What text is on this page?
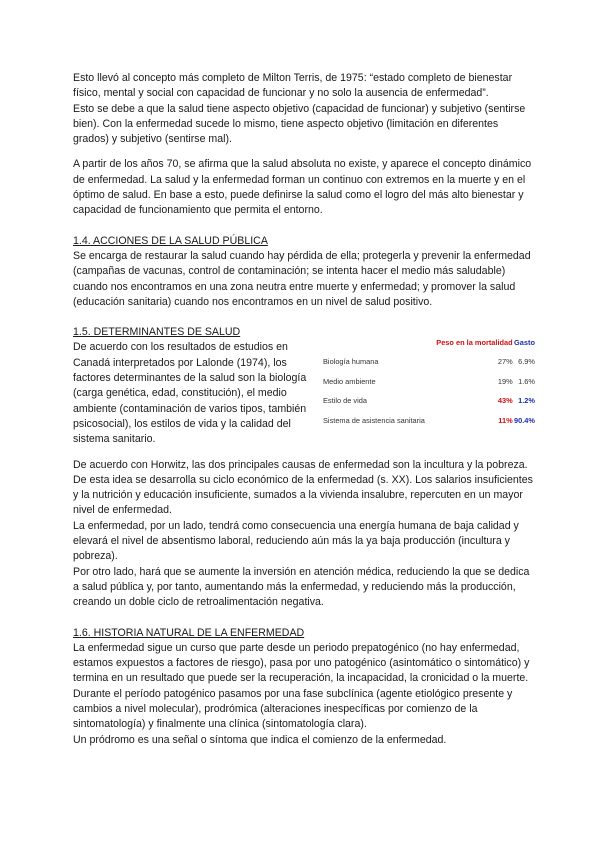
Esto llevó al concepto más completo de Milton Terris, de 1975: “estado completo de bienestar físico, mental y social con capacidad de funcionar y no solo la ausencia de enfermedad”.

Esto se debe a que la salud tiene aspecto objetivo (capacidad de funcionar) y subjetivo (sentirse bien). Con la enfermedad sucede lo mismo, tiene aspecto objetivo (limitación en diferentes grados) y subjetivo (sentirse mal).

A partir de los años 70, se afirma que la salud absoluta no existe, y aparece el concepto dinámico de enfermedad. La salud y la enfermedad forman un continuo con extremos en la muerte y en el óptimo de salud. En base a esto, puede definirse la salud como el logro del más alto bienestar y capacidad de funcionamiento que permita el entorno.

1.4. ACCIONES DE LA SALUD PÚBLICA

Se encarga de restaurar la salud cuando hay pérdida de ella; protegerla y prevenir la enfermedad (campañas de vacunas, control de contaminación; se intenta hacer el medio más saludable) cuando nos encontramos en una zona neutra entre muerte y enfermedad; y promover la salud (educación sanitaria) cuando nos encontramos en un nivel de salud positivo.

1.5. DETERMINANTES DE SALUD

De acuerdo con los resultados de estudios en Canadá interpretados por Lalonde (1974), los factores determinantes de la salud son la biología (carga genética, edad, constitución), el medio ambiente (contaminación de varios tipos, también psicosocial), los estilos de vida y la calidad del sistema sanitario.

	Peso en la mortalidad	Gasto
Biología humana	27%	6.9%
Medio ambiente	19%	1.6%
Estilo de vida	43%	1.2%
Sistema de asistencia sanitaria	11%	90.4%

De acuerdo con Horwitz, las dos principales causas de enfermedad son la incultura y la pobreza. De esta idea se desarrolla su ciclo económico de la enfermedad (s. XX). Los salarios insuficientes y la nutrición y educación insuficiente, sumados a la vivienda insalubre, repercuten en un mayor nivel de enfermedad.

La enfermedad, por un lado, tendrá como consecuencia una energía humana de baja calidad y elevará el nivel de absentismo laboral, reduciendo aún más la ya baja producción (incultura y pobreza).

Por otro lado, hará que se aumente la inversión en atención médica, reduciendo la que se dedica a salud pública y, por tanto, aumentando más la enfermedad, y reduciendo más la producción, creando un doble ciclo de retroalimentación negativa.

1.6. HISTORIA NATURAL DE LA ENFERMEDAD

La enfermedad sigue un curso que parte desde un periodo prepatogénico (no hay enfermedad, estamos expuestos a factores de riesgo), pasa por uno patogénico (asintomático o sintomático) y termina en un resultado que puede ser la recuperación, la incapacidad, la cronicidad o la muerte.

Durante el período patogénico pasamos por una fase subclínica (agente etiológico presente y cambios a nivel molecular), prodrómica (alteraciones inespecíficas por comienzo de la sintomatología) y finalmente una clínica (sintomatología clara).

Un pródromo es una señal o síntoma que indica el comienzo de la enfermedad.
